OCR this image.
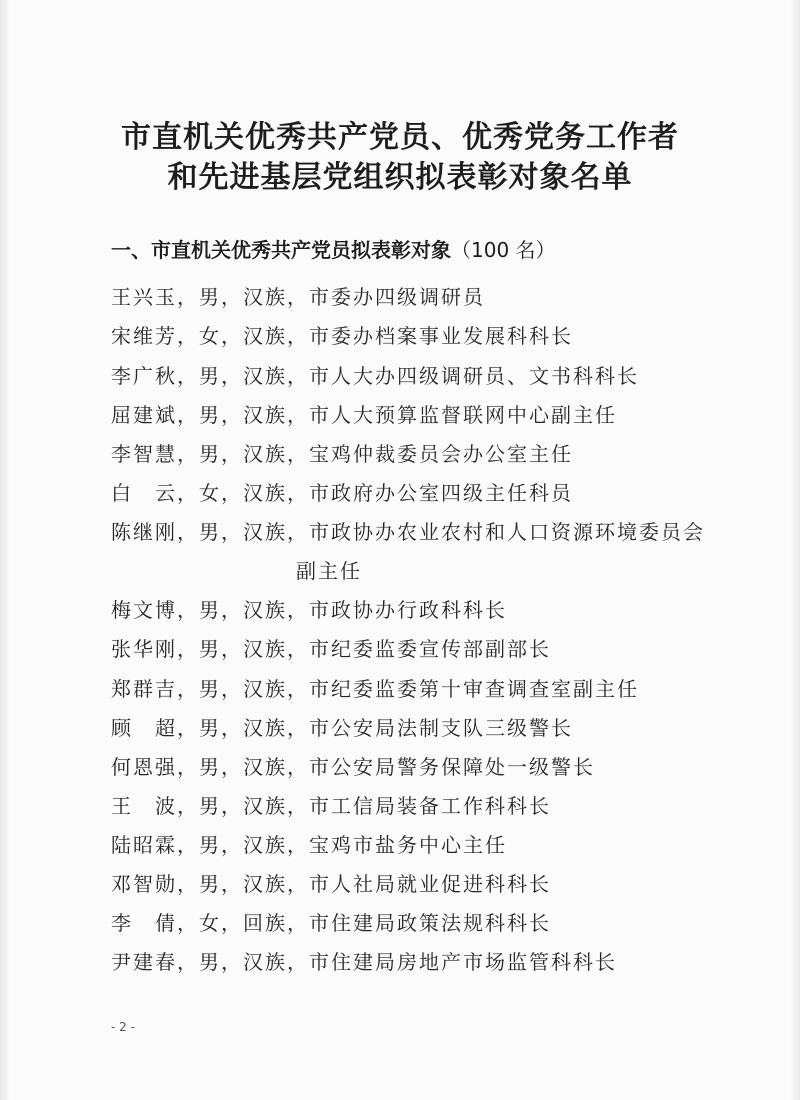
市直机关优秀共产党员、优秀党务工作者
和先进基层党组织拟表彰对象名单
一、市直机关优秀共产党员拟表彰对象（100 名）
王兴玉，男，汉族，市委办四级调研员
宋维芳，女，汉族，市委办档案事业发展科科长
李广秋，男，汉族，市人大办四级调研员、文书科科长
屈建斌，男，汉族，市人大预算监督联网中心副主任
李智慧，男，汉族，宝鸡仲裁委员会办公室主任
白　云，女，汉族，市政府办公室四级主任科员
陈继刚，男，汉族，市政协办农业农村和人口资源环境委员会
副主任
梅文博，男，汉族，市政协办行政科科长
张华刚，男，汉族，市纪委监委宣传部副部长
郑群吉，男，汉族，市纪委监委第十审查调查室副主任
顾　超，男，汉族，市公安局法制支队三级警长
何恩强，男，汉族，市公安局警务保障处一级警长
王　波，男，汉族，市工信局装备工作科科长
陆昭霖，男，汉族，宝鸡市盐务中心主任
邓智勋，男，汉族，市人社局就业促进科科长
李　倩，女，回族，市住建局政策法规科科长
尹建春，男，汉族，市住建局房地产市场监管科科长
- 2 -
